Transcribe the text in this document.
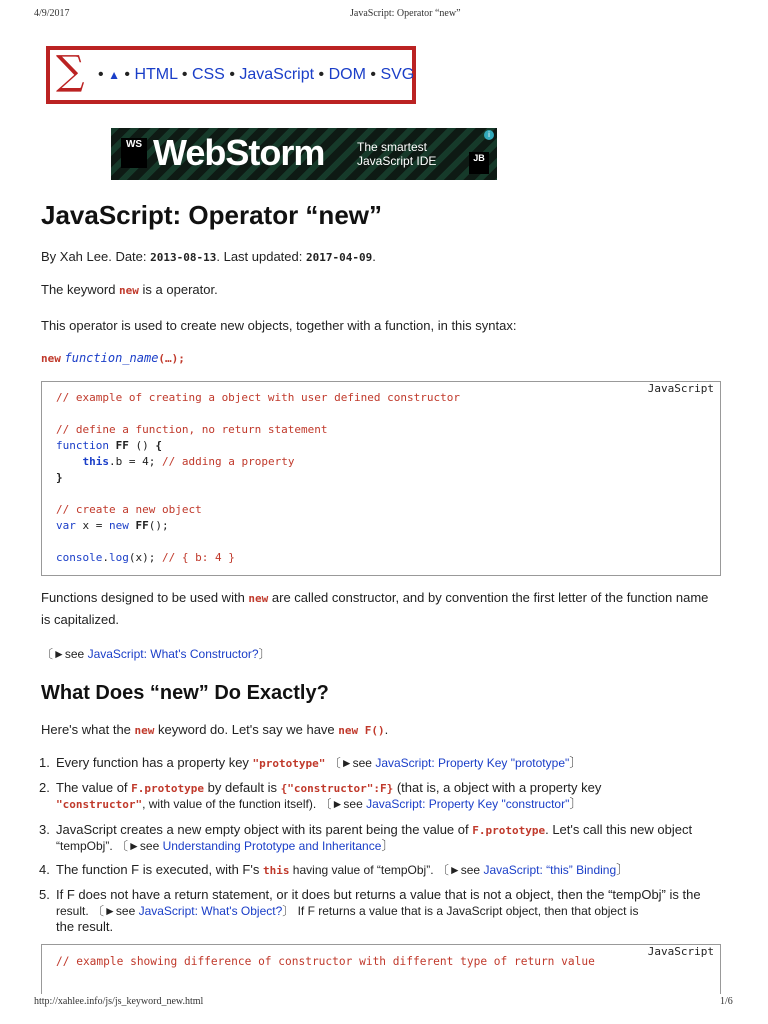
4/9/2017	JavaScript: Operator “new”
∑ • ▲ • HTML • CSS • JavaScript • DOM • SVG
WS WebStorm	The smartest
JavaScript IDE	JB
i
JavaScript: Operator “new”
By Xah Lee. Date: 2013-08-13. Last updated: 2017-04-09.
The keyword new is a operator.
This operator is used to create new objects, together with a function, in this syntax:
new function_name(…);
JavaScript
// example of creating a object with user defined constructor
// define a function, no return statement
function FF () {
this.b = 4; // adding a property
}
// create a new object
var x = new FF();
console.log(x); // { b: 4 }
Functions designed to be used with new are called constructor, and by convention the first letter of the function name
is capitalized.
〔►see JavaScript: What's Constructor?〕
What Does “new” Do Exactly?
Here's what the new keyword do. Let's say we have new F().
1. Every function has a property key "prototype" 〔►see JavaScript: Property Key "prototype"〕
2. The value of F.prototype by default is {"constructor":F} (that is, a object with a property key
"constructor", with value of the function itself). 〔►see JavaScript: Property Key "constructor"〕
3. JavaScript creates a new empty object with its parent being the value of F.prototype. Let's call this new object
“tempObj”. 〔►see Understanding Prototype and Inheritance〕
4. The function F is executed, with F's this having value of “tempObj”. 〔►see JavaScript: “this” Binding〕
5. If F does not have a return statement, or it does but returns a value that is not a object, then the “tempObj” is the
result. 〔►see JavaScript: What's Object?〕 If F returns a value that is a JavaScript object, then that object is
the result.
JavaScript
// example showing difference of constructor with different type of return value
http://xahlee.info/js/js_keyword_new.html	1/6
